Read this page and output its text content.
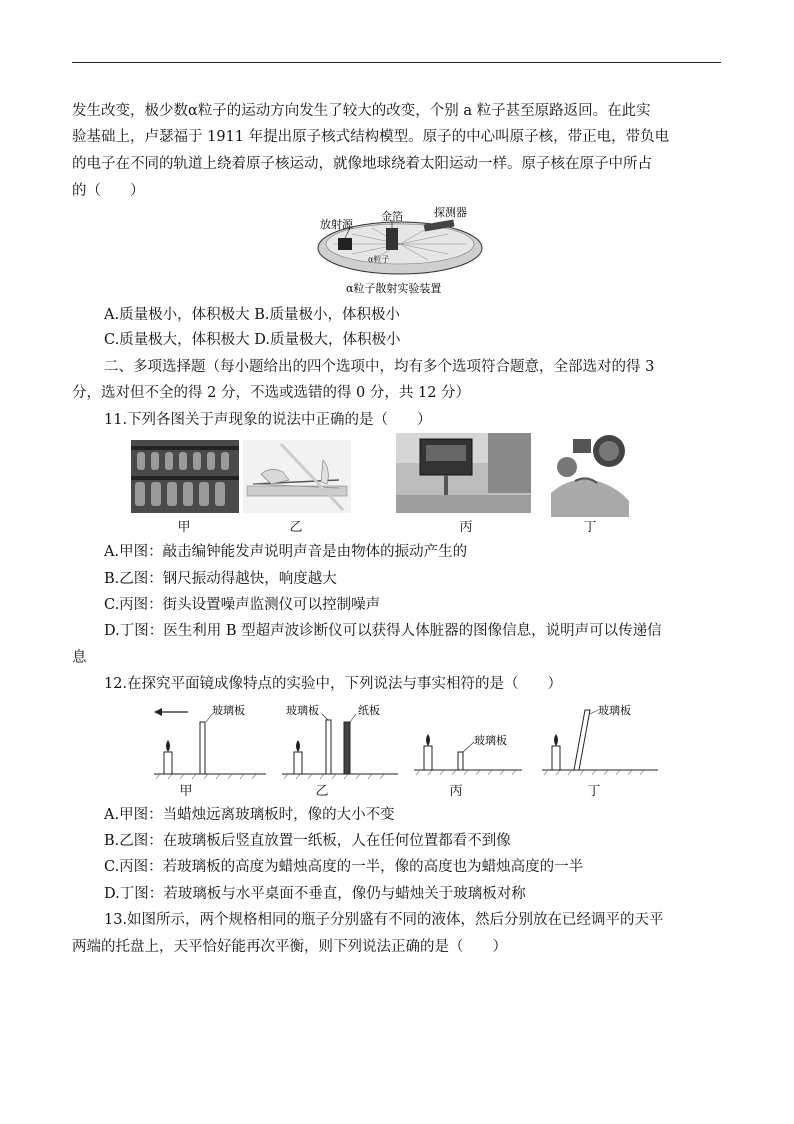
发生改变，极少数α粒子的运动方向发生了较大的改变，个别 a 粒子甚至原路返回。在此实
验基础上，卢瑟福于 1911 年提出原子核式结构模型。原子的中心叫原子核，带正电，带负电
的电子在不同的轨道上绕着原子核运动，就像地球绕着太阳运动一样。原子核在原子中所占
的（　　）
放射源
金箔	探测器
α粒子
α粒子散射实验装置
A.质量极小，体积极大 B.质量极小，体积极小
C.质量极大，体积极大 D.质量极大，体积极小
二、多项选择题（每小题给出的四个选项中，均有多个选项符合题意，全部选对的得 3
分，选对但不全的得 2 分，不选或选错的得 0 分，共 12 分）
11.下列各图关于声现象的说法中正确的是（　　）
甲	乙	丙	丁
A.甲图：敲击编钟能发声说明声音是由物体的振动产生的
B.乙图：钢尺振动得越快，响度越大
C.丙图：街头设置噪声监测仪可以控制噪声
D.丁图：医生利用 B 型超声波诊断仪可以获得人体脏器的图像信息，说明声可以传递信
息
12.在探究平面镜成像特点的实验中，下列说法与事实相符的是（　　）
玻璃板	玻璃板	纸板
玻璃板
玻璃板
甲	乙	丙	丁
A.甲图：当蜡烛远离玻璃板时，像的大小不变
B.乙图：在玻璃板后竖直放置一纸板，人在任何位置都看不到像
C.丙图：若玻璃板的高度为蜡烛高度的一半，像的高度也为蜡烛高度的一半
D.丁图：若玻璃板与水平桌面不垂直，像仍与蜡烛关于玻璃板对称
13.如图所示，两个规格相同的瓶子分别盛有不同的液体，然后分别放在已经调平的天平
两端的托盘上，天平恰好能再次平衡，则下列说法正确的是（　　）
